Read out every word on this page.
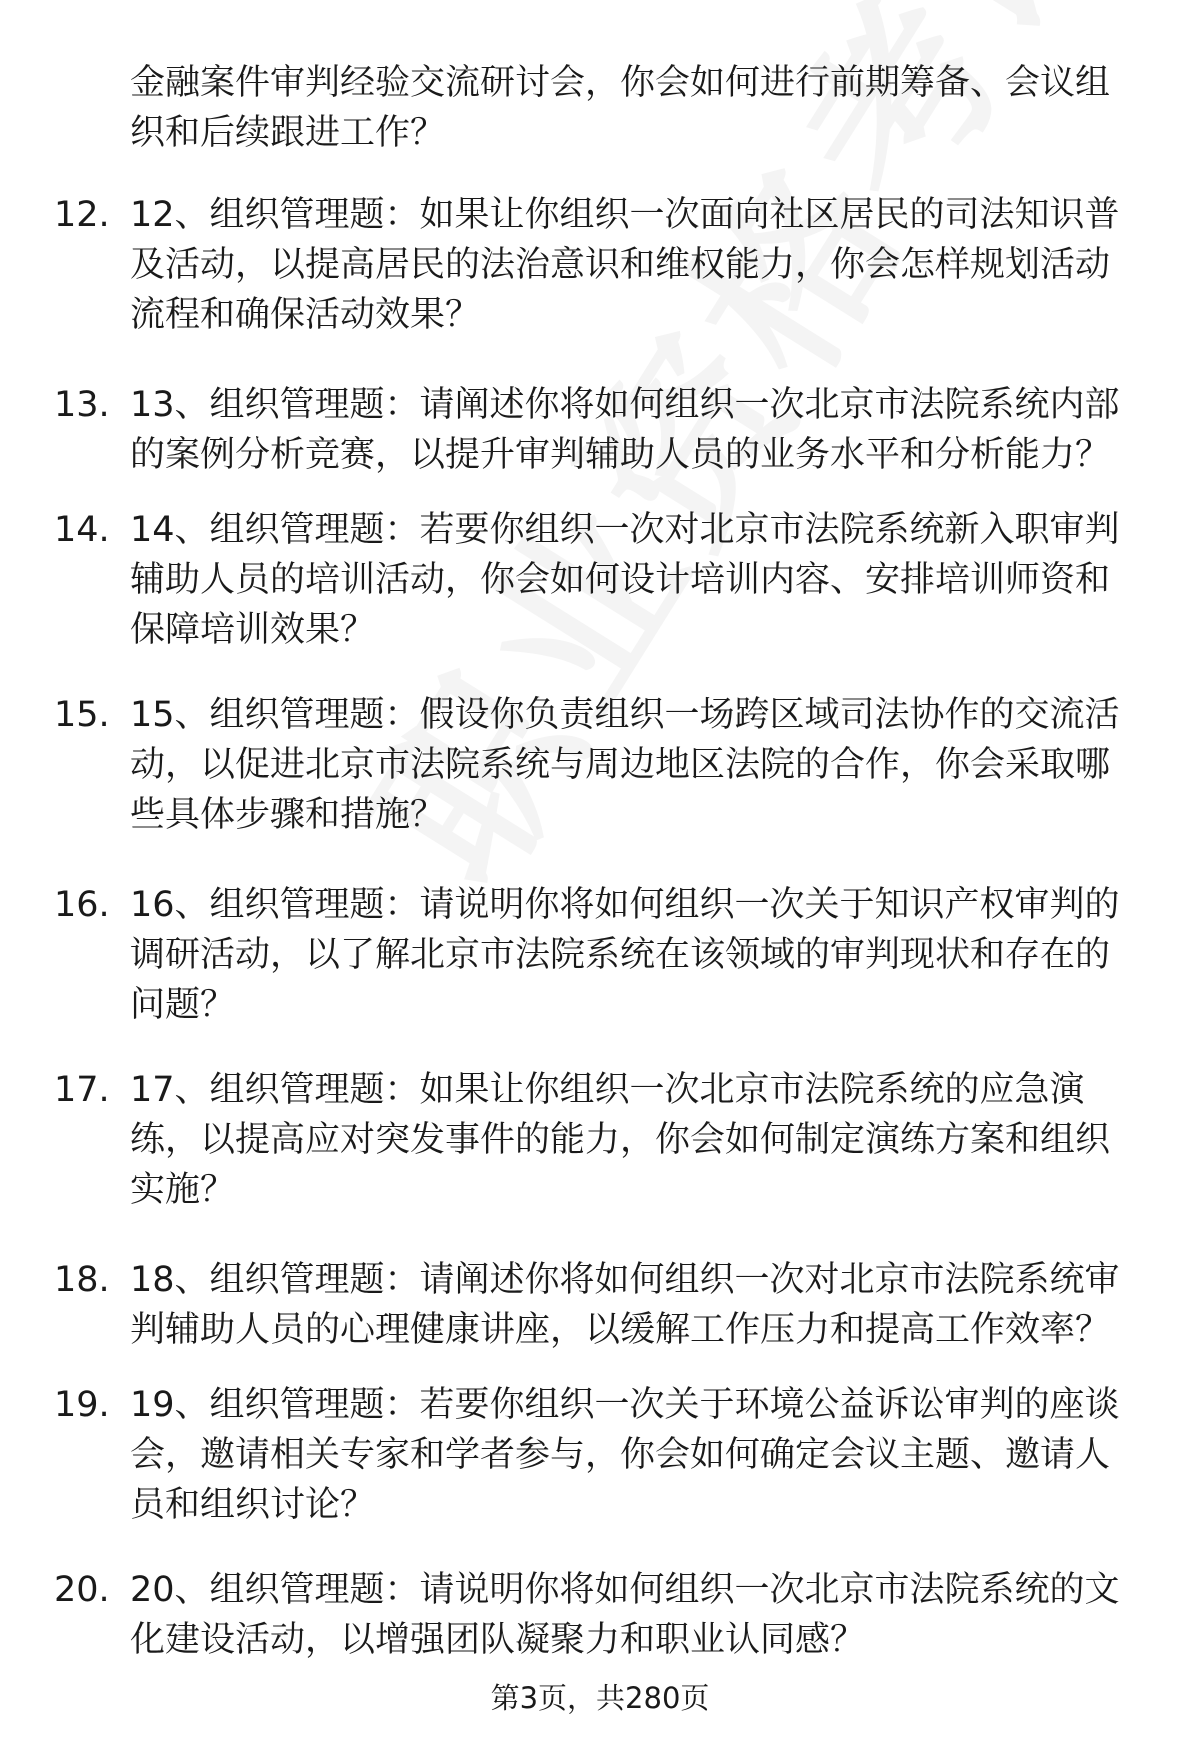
金融案件审判经验交流研讨会，你会如何进行前期筹备、会议组织和后续跟进工作？
12. 12、组织管理题：如果让你组织一次面向社区居民的司法知识普及活动，以提高居民的法治意识和维权能力，你会怎样规划活动流程和确保活动效果？
13. 13、组织管理题：请阐述你将如何组织一次北京市法院系统内部的案例分析竞赛，以提升审判辅助人员的业务水平和分析能力？
14. 14、组织管理题：若要你组织一次对北京市法院系统新入职审判辅助人员的培训活动，你会如何设计培训内容、安排培训师资和保障培训效果？
15. 15、组织管理题：假设你负责组织一场跨区域司法协作的交流活动，以促进北京市法院系统与周边地区法院的合作，你会采取哪些具体步骤和措施？
16. 16、组织管理题：请说明你将如何组织一次关于知识产权审判的调研活动，以了解北京市法院系统在该领域的审判现状和存在的问题？
17. 17、组织管理题：如果让你组织一次北京市法院系统的应急演练，以提高应对突发事件的能力，你会如何制定演练方案和组织实施？
18. 18、组织管理题：请阐述你将如何组织一次对北京市法院系统审判辅助人员的心理健康讲座，以缓解工作压力和提高工作效率？
19. 19、组织管理题：若要你组织一次关于环境公益诉讼审判的座谈会，邀请相关专家和学者参与，你会如何确定会议主题、邀请人员和组织讨论？
20. 20、组织管理题：请说明你将如何组织一次北京市法院系统的文化建设活动，以增强团队凝聚力和职业认同感？
第3页，共280页
